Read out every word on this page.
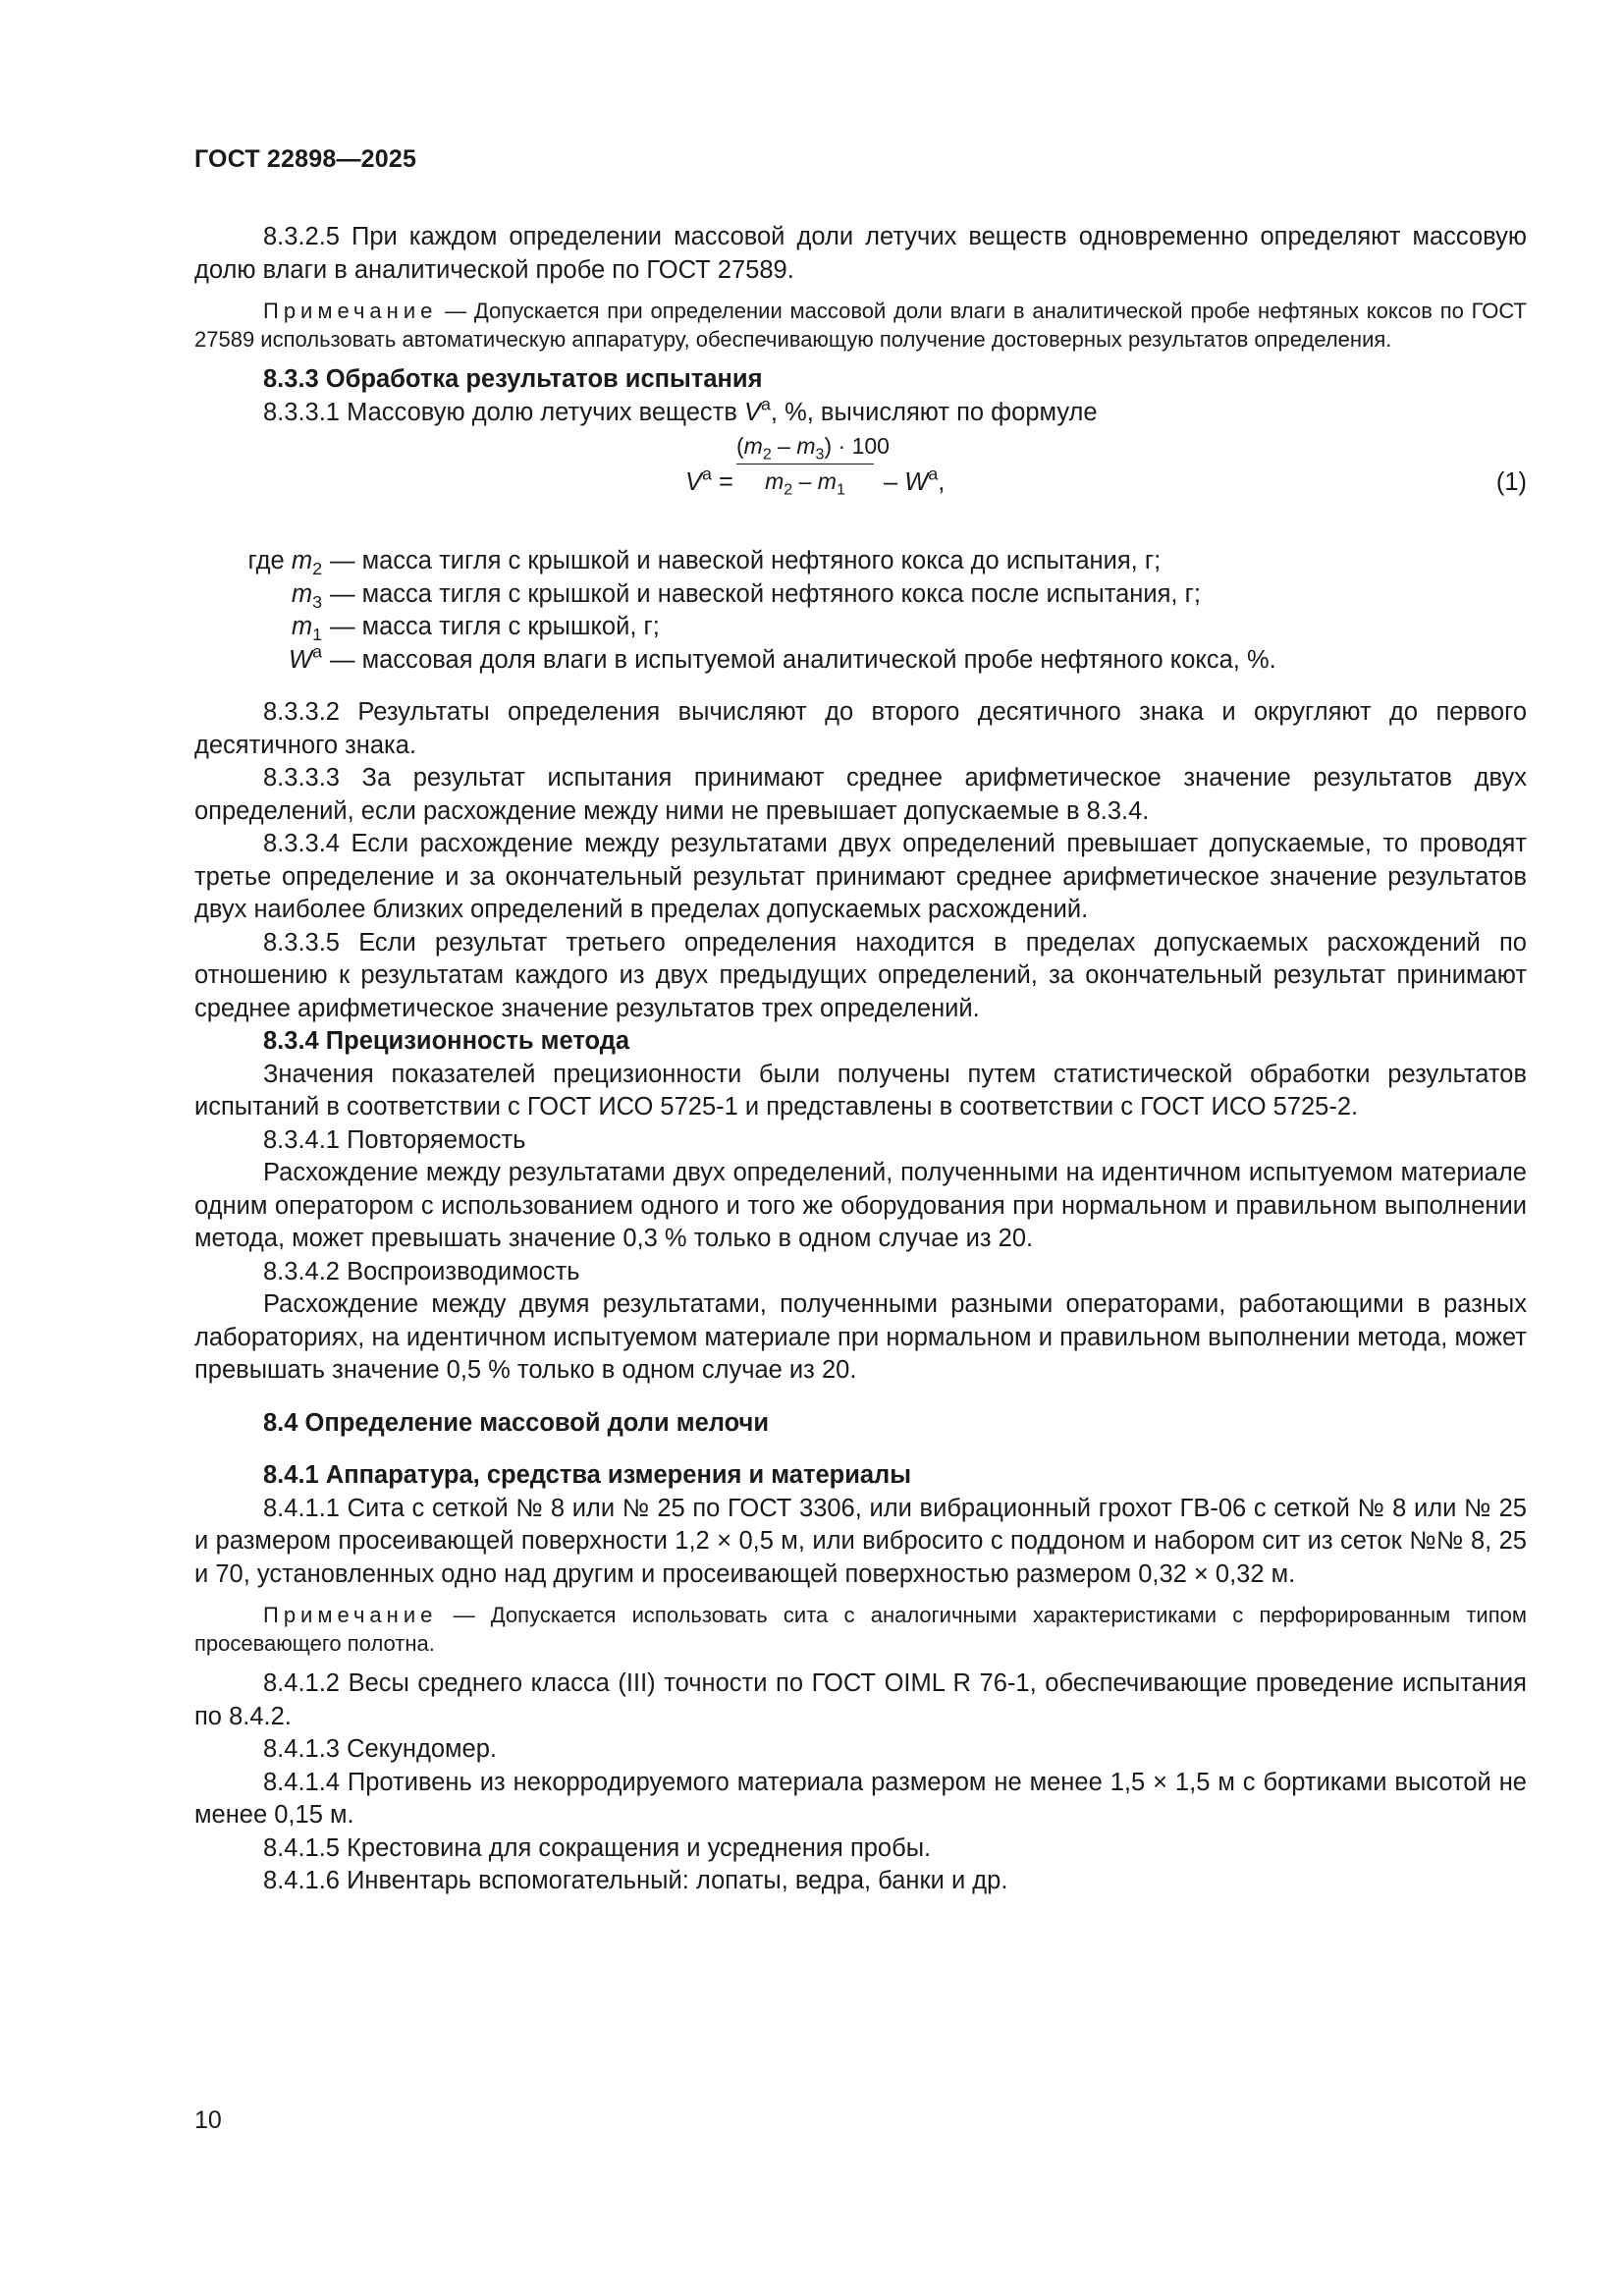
ГОСТ 22898—2025

8.3.2.5 При каждом определении массовой доли летучих веществ одновременно определяют массовую долю влаги в аналитической пробе по ГОСТ 27589.

Примечание — Допускается при определении массовой доли влаги в аналитической пробе нефтяных коксов по ГОСТ 27589 использовать автоматическую аппаратуру, обеспечивающую получение достоверных результатов определения.

8.3.3 Обработка результатов испытания

8.3.3.1 Массовую долю летучих веществ $V^a$, %, вычисляют по формуле

$V^a$ =
$(m_2 - m_3) \cdot 100$
$m_2 - m_1$	– $W^a$,	(1)
где $m_2$ — масса тигля с крышкой и навеской нефтяного кокса до испытания, г;
$m_3$ — масса тигля с крышкой и навеской нефтяного кокса после испытания, г;
$m_1$ — масса тигля с крышкой, г;
$W^a$ — массовая доля влаги в испытуемой аналитической пробе нефтяного кокса, %.

8.3.3.2 Результаты определения вычисляют до второго десятичного знака и округляют до первого десятичного знака.

8.3.3.3 За результат испытания принимают среднее арифметическое значение результатов двух определений, если расхождение между ними не превышает допускаемые в 8.3.4.

8.3.3.4 Если расхождение между результатами двух определений превышает допускаемые, то проводят третье определение и за окончательный результат принимают среднее арифметическое значение результатов двух наиболее близких определений в пределах допускаемых расхождений.

8.3.3.5 Если результат третьего определения находится в пределах допускаемых расхождений по отношению к результатам каждого из двух предыдущих определений, за окончательный результат принимают среднее арифметическое значение результатов трех определений.

8.3.4 Прецизионность метода

Значения показателей прецизионности были получены путем статистической обработки результатов испытаний в соответствии с ГОСТ ИСО 5725-1 и представлены в соответствии с ГОСТ ИСО 5725-2.

8.3.4.1 Повторяемость

Расхождение между результатами двух определений, полученными на идентичном испытуемом материале одним оператором с использованием одного и того же оборудования при нормальном и правильном выполнении метода, может превышать значение 0,3 % только в одном случае из 20.

8.3.4.2 Воспроизводимость

Расхождение между двумя результатами, полученными разными операторами, работающими в разных лабораториях, на идентичном испытуемом материале при нормальном и правильном выполнении метода, может превышать значение 0,5 % только в одном случае из 20.

8.4 Определение массовой доли мелочи

8.4.1 Аппаратура, средства измерения и материалы

8.4.1.1 Сита с сеткой № 8 или № 25 по ГОСТ 3306, или вибрационный грохот ГВ-06 с сеткой № 8 или № 25 и размером просеивающей поверхности 1,2 × 0,5 м, или вибросито с поддоном и набором сит из сеток №№ 8, 25 и 70, установленных одно над другим и просеивающей поверхностью размером 0,32 × 0,32 м.

Примечание — Допускается использовать сита с аналогичными характеристиками с перфорированным типом просевающего полотна.

8.4.1.2 Весы среднего класса (III) точности по ГОСТ OIML R 76-1, обеспечивающие проведение испытания по 8.4.2.

8.4.1.3 Секундомер.

8.4.1.4 Противень из некорродируемого материала размером не менее 1,5 × 1,5 м с бортиками высотой не менее 0,15 м.

8.4.1.5 Крестовина для сокращения и усреднения пробы.

8.4.1.6 Инвентарь вспомогательный: лопаты, ведра, банки и др.

10
